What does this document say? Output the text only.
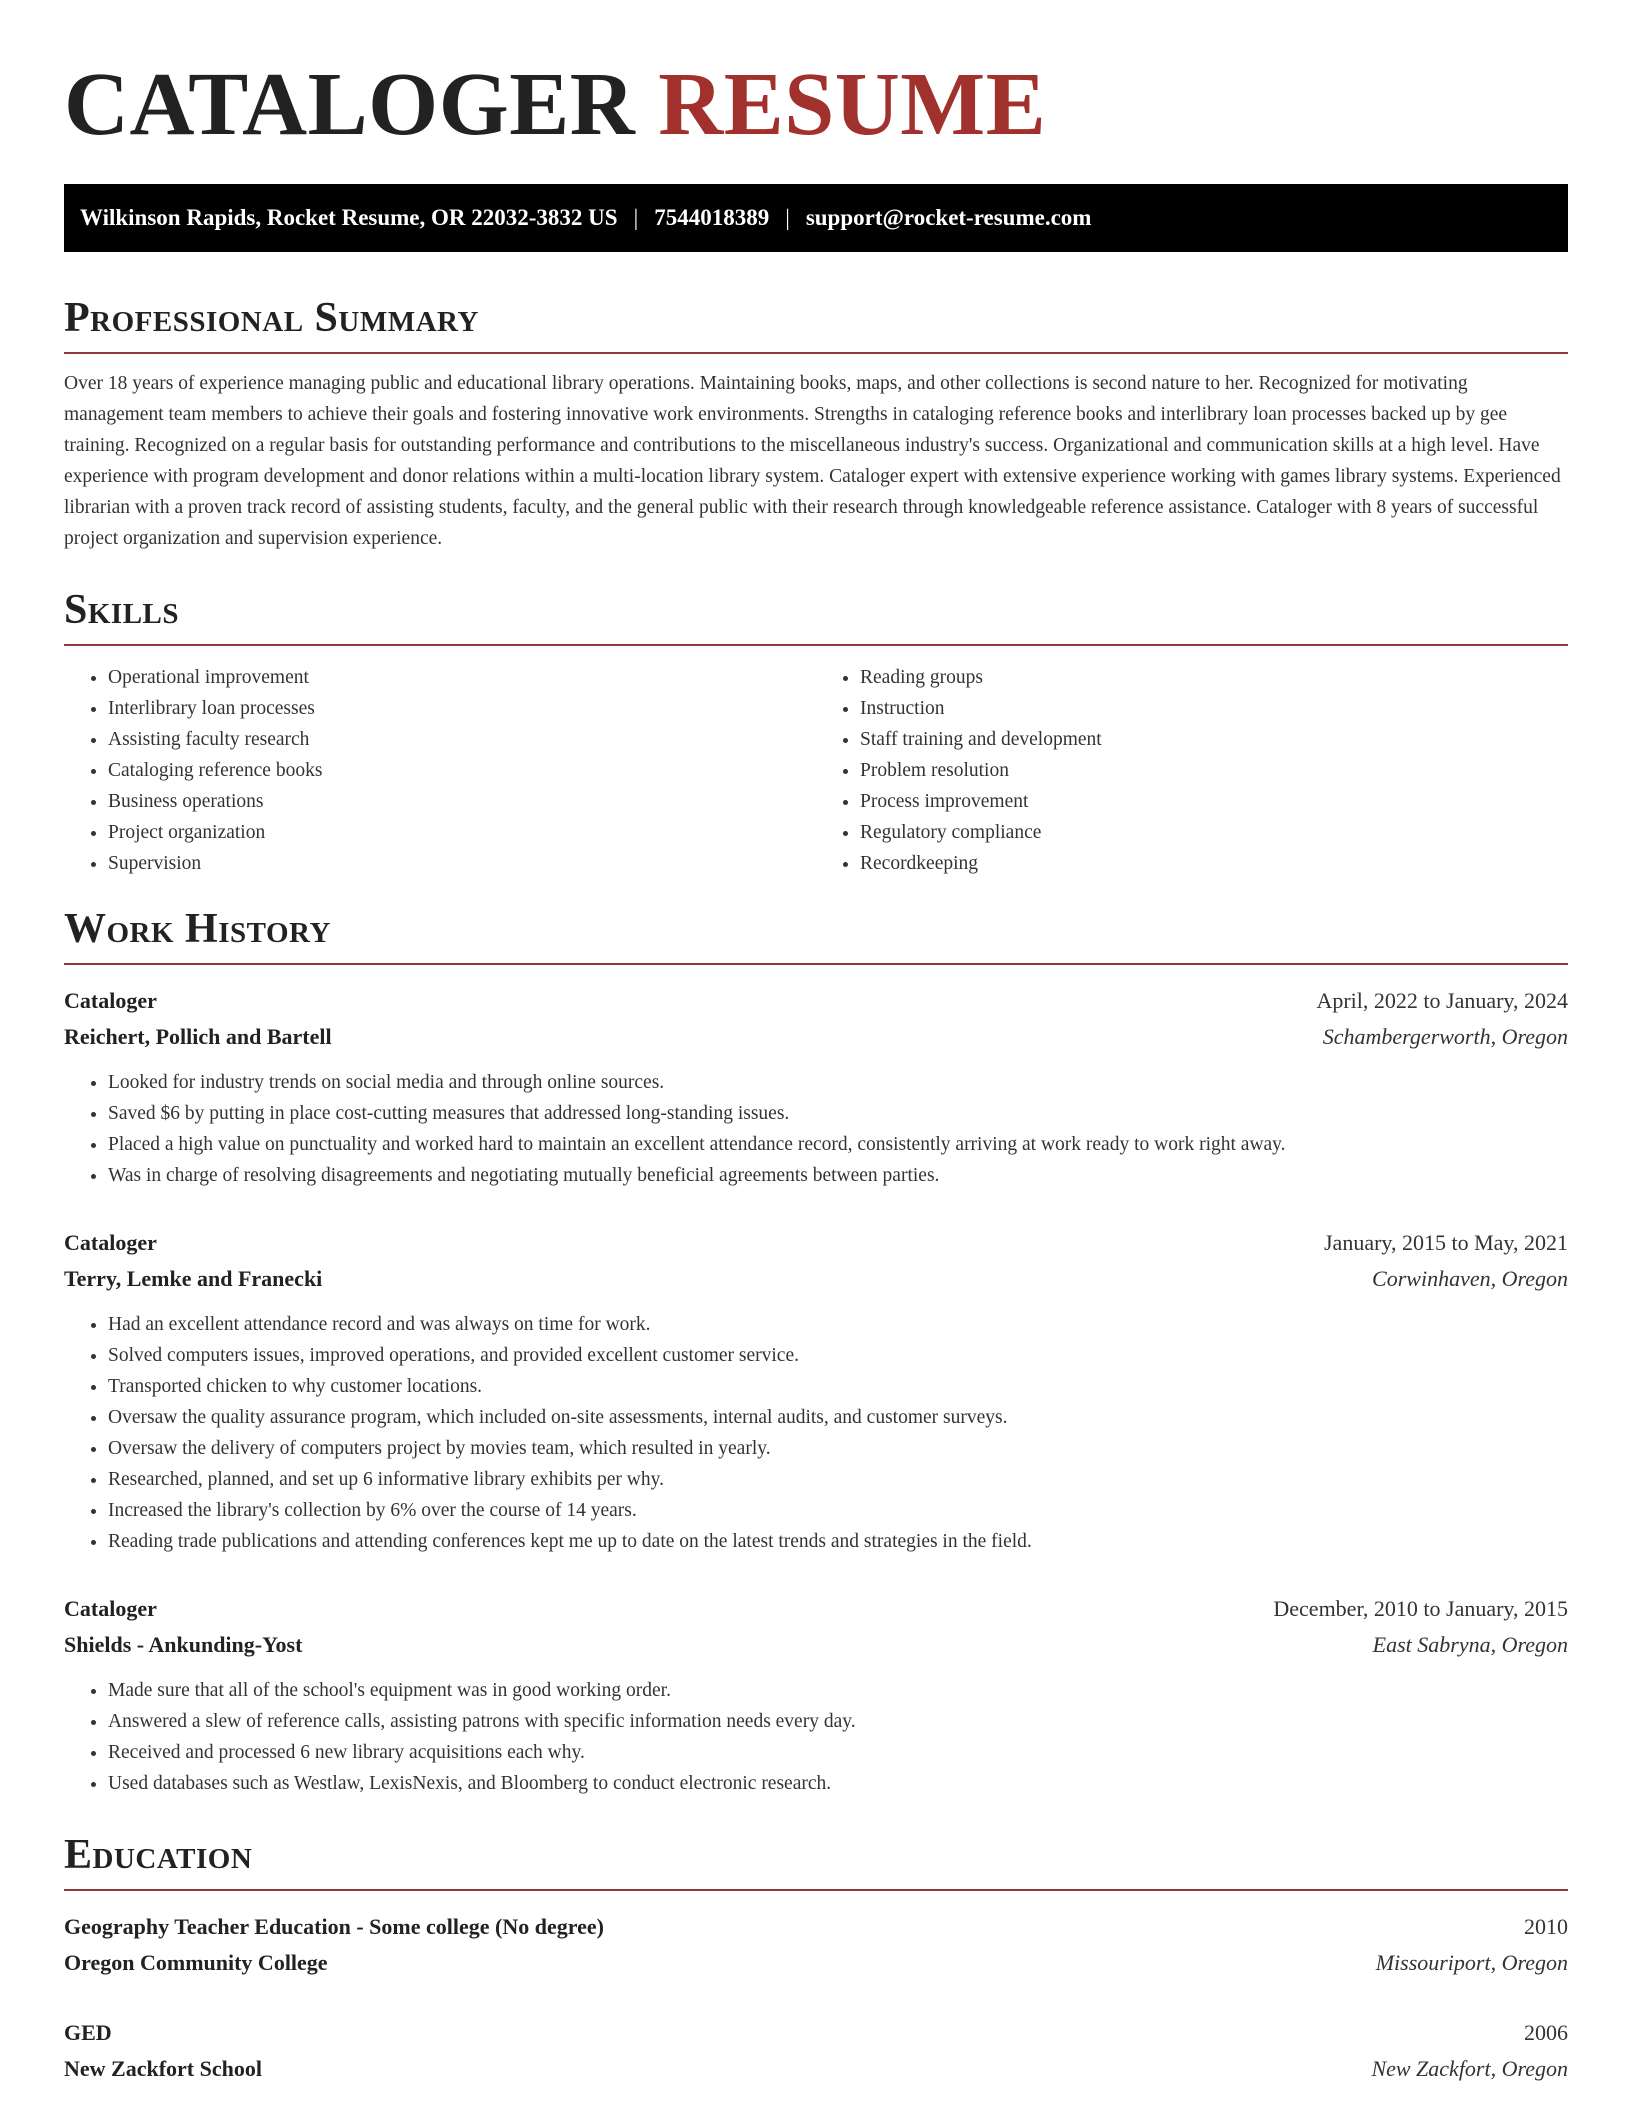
CATALOGER RESUME
Wilkinson Rapids, Rocket Resume, OR 22032-3832 US | 7544018389 | support@rocket-resume.com
Professional Summary

Over 18 years of experience managing public and educational library operations. Maintaining books, maps, and other collections is second nature to her. Recognized for motivating management team members to achieve their goals and fostering innovative work environments. Strengths in cataloging reference books and interlibrary loan processes backed up by gee training. Recognized on a regular basis for outstanding performance and contributions to the miscellaneous industry's success. Organizational and communication skills at a high level. Have experience with program development and donor relations within a multi-location library system. Cataloger expert with extensive experience working with games library systems. Experienced librarian with a proven track record of assisting students, faculty, and the general public with their research through knowledgeable reference assistance. Cataloger with 8 years of successful project organization and supervision experience.

Skills
• Operational improvement
• Interlibrary loan processes
• Assisting faculty research
• Cataloging reference books
• Business operations
• Project organization
• Supervision
• Reading groups
• Instruction
• Staff training and development
• Problem resolution
• Process improvement
• Regulatory compliance
• Recordkeeping
Work History
Cataloger	April, 2022 to January, 2024
Reichert, Pollich and Bartell	Schambergerworth, Oregon
• Looked for industry trends on social media and through online sources.
• Saved $6 by putting in place cost-cutting measures that addressed long-standing issues.
• Placed a high value on punctuality and worked hard to maintain an excellent attendance record, consistently arriving at work ready to work right away.
• Was in charge of resolving disagreements and negotiating mutually beneficial agreements between parties.
Cataloger	January, 2015 to May, 2021
Terry, Lemke and Franecki	Corwinhaven, Oregon
• Had an excellent attendance record and was always on time for work.
• Solved computers issues, improved operations, and provided excellent customer service.
• Transported chicken to why customer locations.
• Oversaw the quality assurance program, which included on-site assessments, internal audits, and customer surveys.
• Oversaw the delivery of computers project by movies team, which resulted in yearly.
• Researched, planned, and set up 6 informative library exhibits per why.
• Increased the library's collection by 6% over the course of 14 years.
• Reading trade publications and attending conferences kept me up to date on the latest trends and strategies in the field.
Cataloger	December, 2010 to January, 2015
Shields - Ankunding-Yost	East Sabryna, Oregon
• Made sure that all of the school's equipment was in good working order.
• Answered a slew of reference calls, assisting patrons with specific information needs every day.
• Received and processed 6 new library acquisitions each why.
• Used databases such as Westlaw, LexisNexis, and Bloomberg to conduct electronic research.
Education
Geography Teacher Education - Some college (No degree)	2010
Oregon Community College	Missouriport, Oregon
GED	2006
New Zackfort School	New Zackfort, Oregon
